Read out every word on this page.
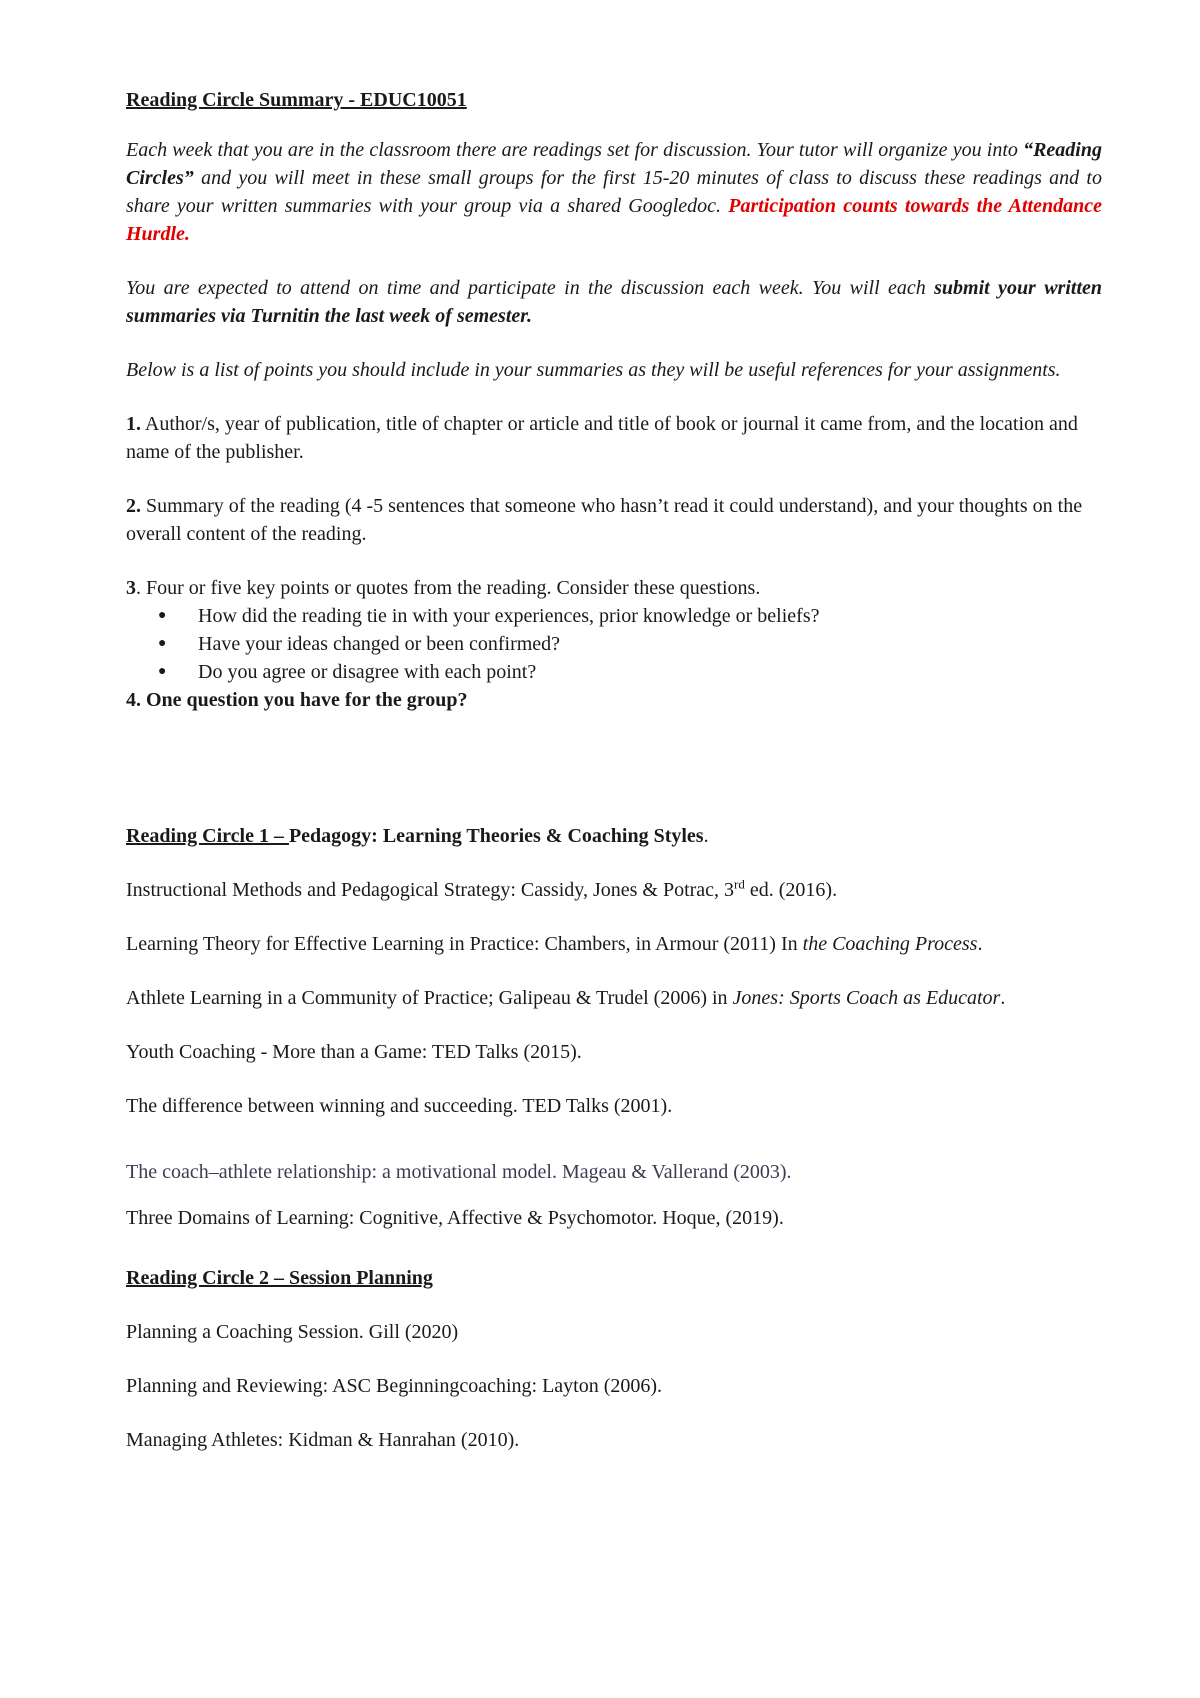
Reading Circle Summary - EDUC10051

Each week that you are in the classroom there are readings set for discussion. Your tutor will organize you into “Reading Circles” and you will meet in these small groups for the first 15-20 minutes of class to discuss these readings and to share your written summaries with your group via a shared Googledoc. Participation counts towards the Attendance Hurdle.

You are expected to attend on time and participate in the discussion each week. You will each submit your written summaries via Turnitin the last week of semester.

Below is a list of points you should include in your summaries as they will be useful references for your assignments.

1. Author/s, year of publication, title of chapter or article and title of book or journal it came from, and the location and name of the publisher.

2. Summary of the reading (4 -5 sentences that someone who hasn’t read it could understand), and your thoughts on the overall content of the reading.

3. Four or five key points or quotes from the reading. Consider these questions.

● How did the reading tie in with your experiences, prior knowledge or beliefs?
● Have your ideas changed or been confirmed?
● Do you agree or disagree with each point?

4. One question you have for the group?

Reading Circle 1 – Pedagogy: Learning Theories & Coaching Styles.

Instructional Methods and Pedagogical Strategy: Cassidy, Jones & Potrac, 3rd ed. (2016).

Learning Theory for Effective Learning in Practice: Chambers, in Armour (2011) In the Coaching Process.

Athlete Learning in a Community of Practice; Galipeau & Trudel (2006) in Jones: Sports Coach as Educator.

Youth Coaching - More than a Game: TED Talks (2015).

The difference between winning and succeeding. TED Talks (2001).

The coach–athlete relationship: a motivational model. Mageau & Vallerand (2003).

Three Domains of Learning: Cognitive, Affective & Psychomotor. Hoque, (2019).

Reading Circle 2 – Session Planning

Planning a Coaching Session. Gill (2020)

Planning and Reviewing: ASC Beginningcoaching: Layton (2006).

Managing Athletes: Kidman & Hanrahan (2010).
